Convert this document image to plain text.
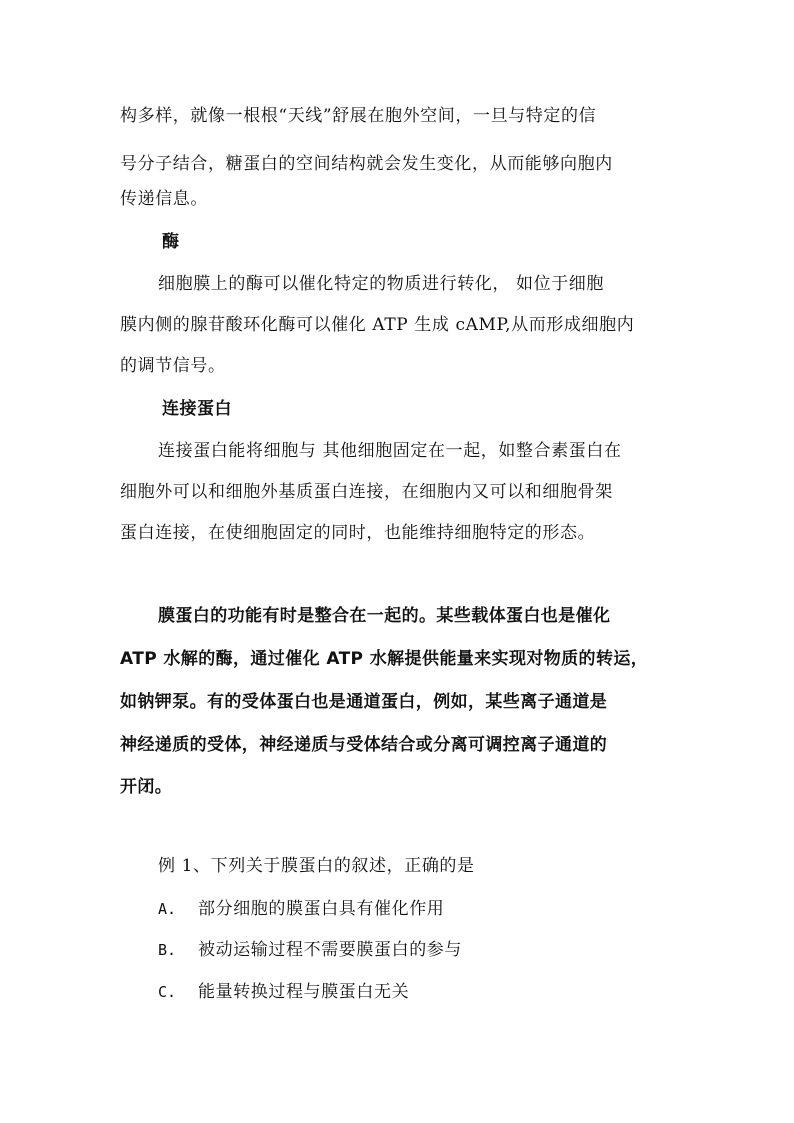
构多样，就像一根根“天线”舒展在胞外空间，一旦与特定的信
号分子结合，糖蛋白的空间结构就会发生变化，从而能够向胞内
传递信息。
酶
细胞膜上的酶可以催化特定的物质进行转化， 如位于细胞
膜内侧的腺苷酸环化酶可以催化 ATP 生成 cAMP,从而形成细胞内
的调节信号。
连接蛋白
连接蛋白能将细胞与 其他细胞固定在一起，如整合素蛋白在
细胞外可以和细胞外基质蛋白连接，在细胞内又可以和细胞骨架
蛋白连接，在使细胞固定的同时，也能维持细胞特定的形态。
膜蛋白的功能有时是整合在一起的。某些载体蛋白也是催化
ATP 水解的酶，通过催化 ATP 水解提供能量来实现对物质的转运，
如钠钾泵。有的受体蛋白也是通道蛋白，例如，某些离子通道是
神经递质的受体，神经递质与受体结合或分离可调控离子通道的
开闭。
例 1、下列关于膜蛋白的叙述，正确的是
A. 部分细胞的膜蛋白具有催化作用
B. 被动运输过程不需要膜蛋白的参与
C. 能量转换过程与膜蛋白无关
